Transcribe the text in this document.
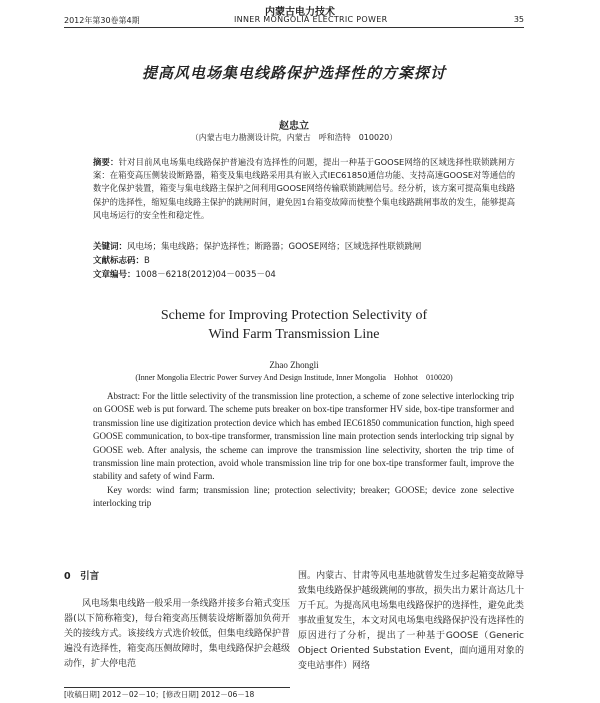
内蒙古电力技术
2012年第30卷第4期	INNER MONGOLIA ELECTRIC POWER	35
提高风电场集电线路保护选择性的方案探讨
赵忠立
（内蒙古电力勘测设计院，内蒙古　呼和浩特　010020）
摘要：针对目前风电场集电线路保护普遍没有选择性的问题，提出一种基于GOOSE网络的区域选择性联锁跳闸方案：在箱变高压侧装设断路器，箱变及集电线路采用具有嵌入式IEC61850通信功能、支持高速GOOSE对等通信的数字化保护装置，箱变与集电线路主保护之间利用GOOSE网络传输联锁跳闸信号。经分析，该方案可提高集电线路保护的选择性，缩短集电线路主保护的跳闸时间，避免因1台箱变故障而使整个集电线路跳闸事故的发生，能够提高风电场运行的安全性和稳定性。
关键词：风电场；集电线路；保护选择性；断路器；GOOSE网络；区域选择性联锁跳闸
文献标志码：B
文章编号：1008－6218(2012)04－0035－04
Scheme for Improving Protection Selectivity of
Wind Farm Transmission Line
Zhao Zhongli
(Inner Mongolia Electric Power Survey And Design Institude, Inner Mongolia　Hohhot　010020)

Abstract: For the little selectivity of the transmission line protection, a scheme of zone selective interlocking trip on GOOSE web is put forward. The scheme puts breaker on box-tipe transformer HV side, box-tipe transformer and transmission line use digitization protection device which has embed IEC61850 communication function, high speed GOOSE communication, to box-tipe transformer, transmission line main protection sends interlocking trip signal by GOOSE web. After analysis, the scheme can improve the transmission line selectivity, shorten the trip time of transmission line main protection, avoid whole transmission line trip for one box-tipe transformer fault, improve the stability and safety of wind Farm.

Key words: wind farm; transmission line; protection selectivity; breaker; GOOSE; device zone selective interlocking trip

0　引言
风电场集电线路一般采用一条线路并接多台箱式变压器(以下简称箱变)，每台箱变高压侧装设熔断器加负荷开关的接线方式。该接线方式选价较低，但集电线路保护普遍没有选择性，箱变高压侧故障时，集电线路保护会越级动作，扩大停电范
围。内蒙古、甘肃等风电基地就曾发生过多起箱变故障导致集电线路保护越级跳闸的事故，损失出力累计高达几十万千瓦。为提高风电场集电线路保护的选择性，避免此类事故重复发生，本文对风电场集电线路保护没有选择性的原因进行了分析，提出了一种基于GOOSE（Generic Object Oriented Substation Event，面向通用对象的变电站事件）网络
[收稿日期] 2012－02－10；[修改日期] 2012－06－18
